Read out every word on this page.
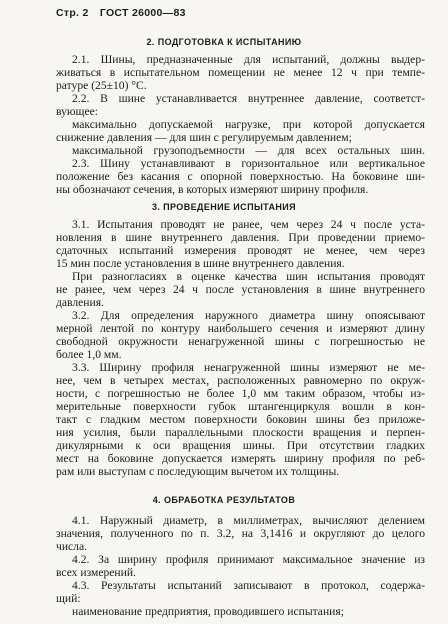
Стр. 2 ГОСТ 26000—83
2. ПОДГОТОВКА К ИСПЫТАНИЮ
2.1. Шины, предназначенные для испытаний, должны выдер-
живаться в испытательном помещении не менее 12 ч при темпе-
ратуре (25±10) °С.
2.2. В шине устанавливается внутреннее давление, соответст-
вующее:
максимально допускаемой нагрузке, при которой допускается
снижение давления — для шин с регулируемым давлением;
максимальной грузоподъемности — для всех остальных шин.
2.3. Шину устанавливают в горизонтальное или вертикальное
положение без касания с опорной поверхностью. На боковине ши-
ны обозначают сечения, в которых измеряют ширину профиля.
3. ПРОВЕДЕНИЕ ИСПЫТАНИЯ
3.1. Испытания проводят не ранее, чем через 24 ч после уста-
новления в шине внутреннего давления. При проведении приемо-
сдаточных испытаний измерения проводят не менее, чем через
15 мин после установления в шине внутреннего давления.
При разногласиях в оценке качества шин испытания проводят
не ранее, чем через 24 ч после установления в шине внутреннего
давления.
3.2. Для определения наружного диаметра шину опоясывают
мерной лентой по контуру наибольшего сечения и измеряют длину
свободной окружности ненагруженной шины с погрешностью не
более 1,0 мм.
3.3. Ширину профиля ненагруженной шины измеряют не ме-
нее, чем в четырех местах, расположенных равномерно по окруж-
ности, с погрешностью не более 1,0 мм таким образом, чтобы из-
мерительные поверхности губок штангенциркуля вошли в кон-
такт с гладким местом поверхности боковин шины без приложе-
ния усилия, были параллельными плоскости вращения и перпен-
дикулярными к оси вращения шины. При отсутствии гладких
мест на боковине допускается измерять ширину профиля по реб-
рам или выступам с последующим вычетом их толщины.
4. ОБРАБОТКА РЕЗУЛЬТАТОВ
4.1. Наружный диаметр, в миллиметрах, вычисляют делением
значения, полученного по п. 3.2, на 3,1416 и округляют до целого
числа.
4.2. За ширину профиля принимают максимальное значение из
всех измерений.
4.3. Результаты испытаний записывают в протокол, содержа-
щий:
наименование предприятия, проводившего испытания;
